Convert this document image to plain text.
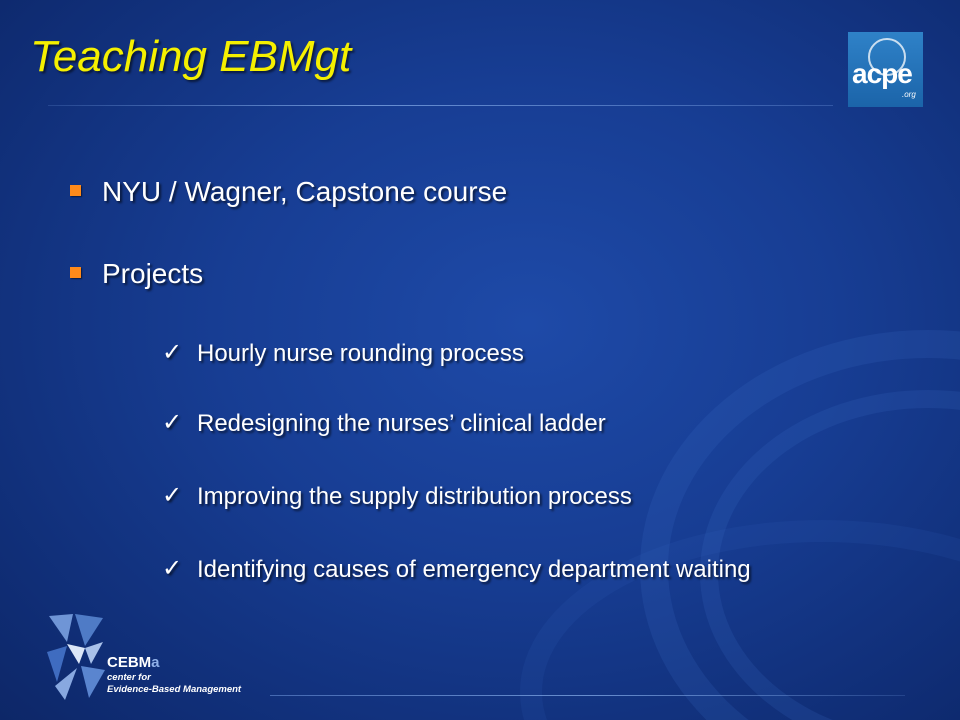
Teaching EBMgt	acpe
.org
NYU / Wagner, Capstone course
Projects
✓ Hourly nurse rounding process
✓ Redesigning the nurses’ clinical ladder
✓ Improving the supply distribution process
✓ Identifying causes of emergency department waiting
CEBMa
center for
Evidence-Based Management
